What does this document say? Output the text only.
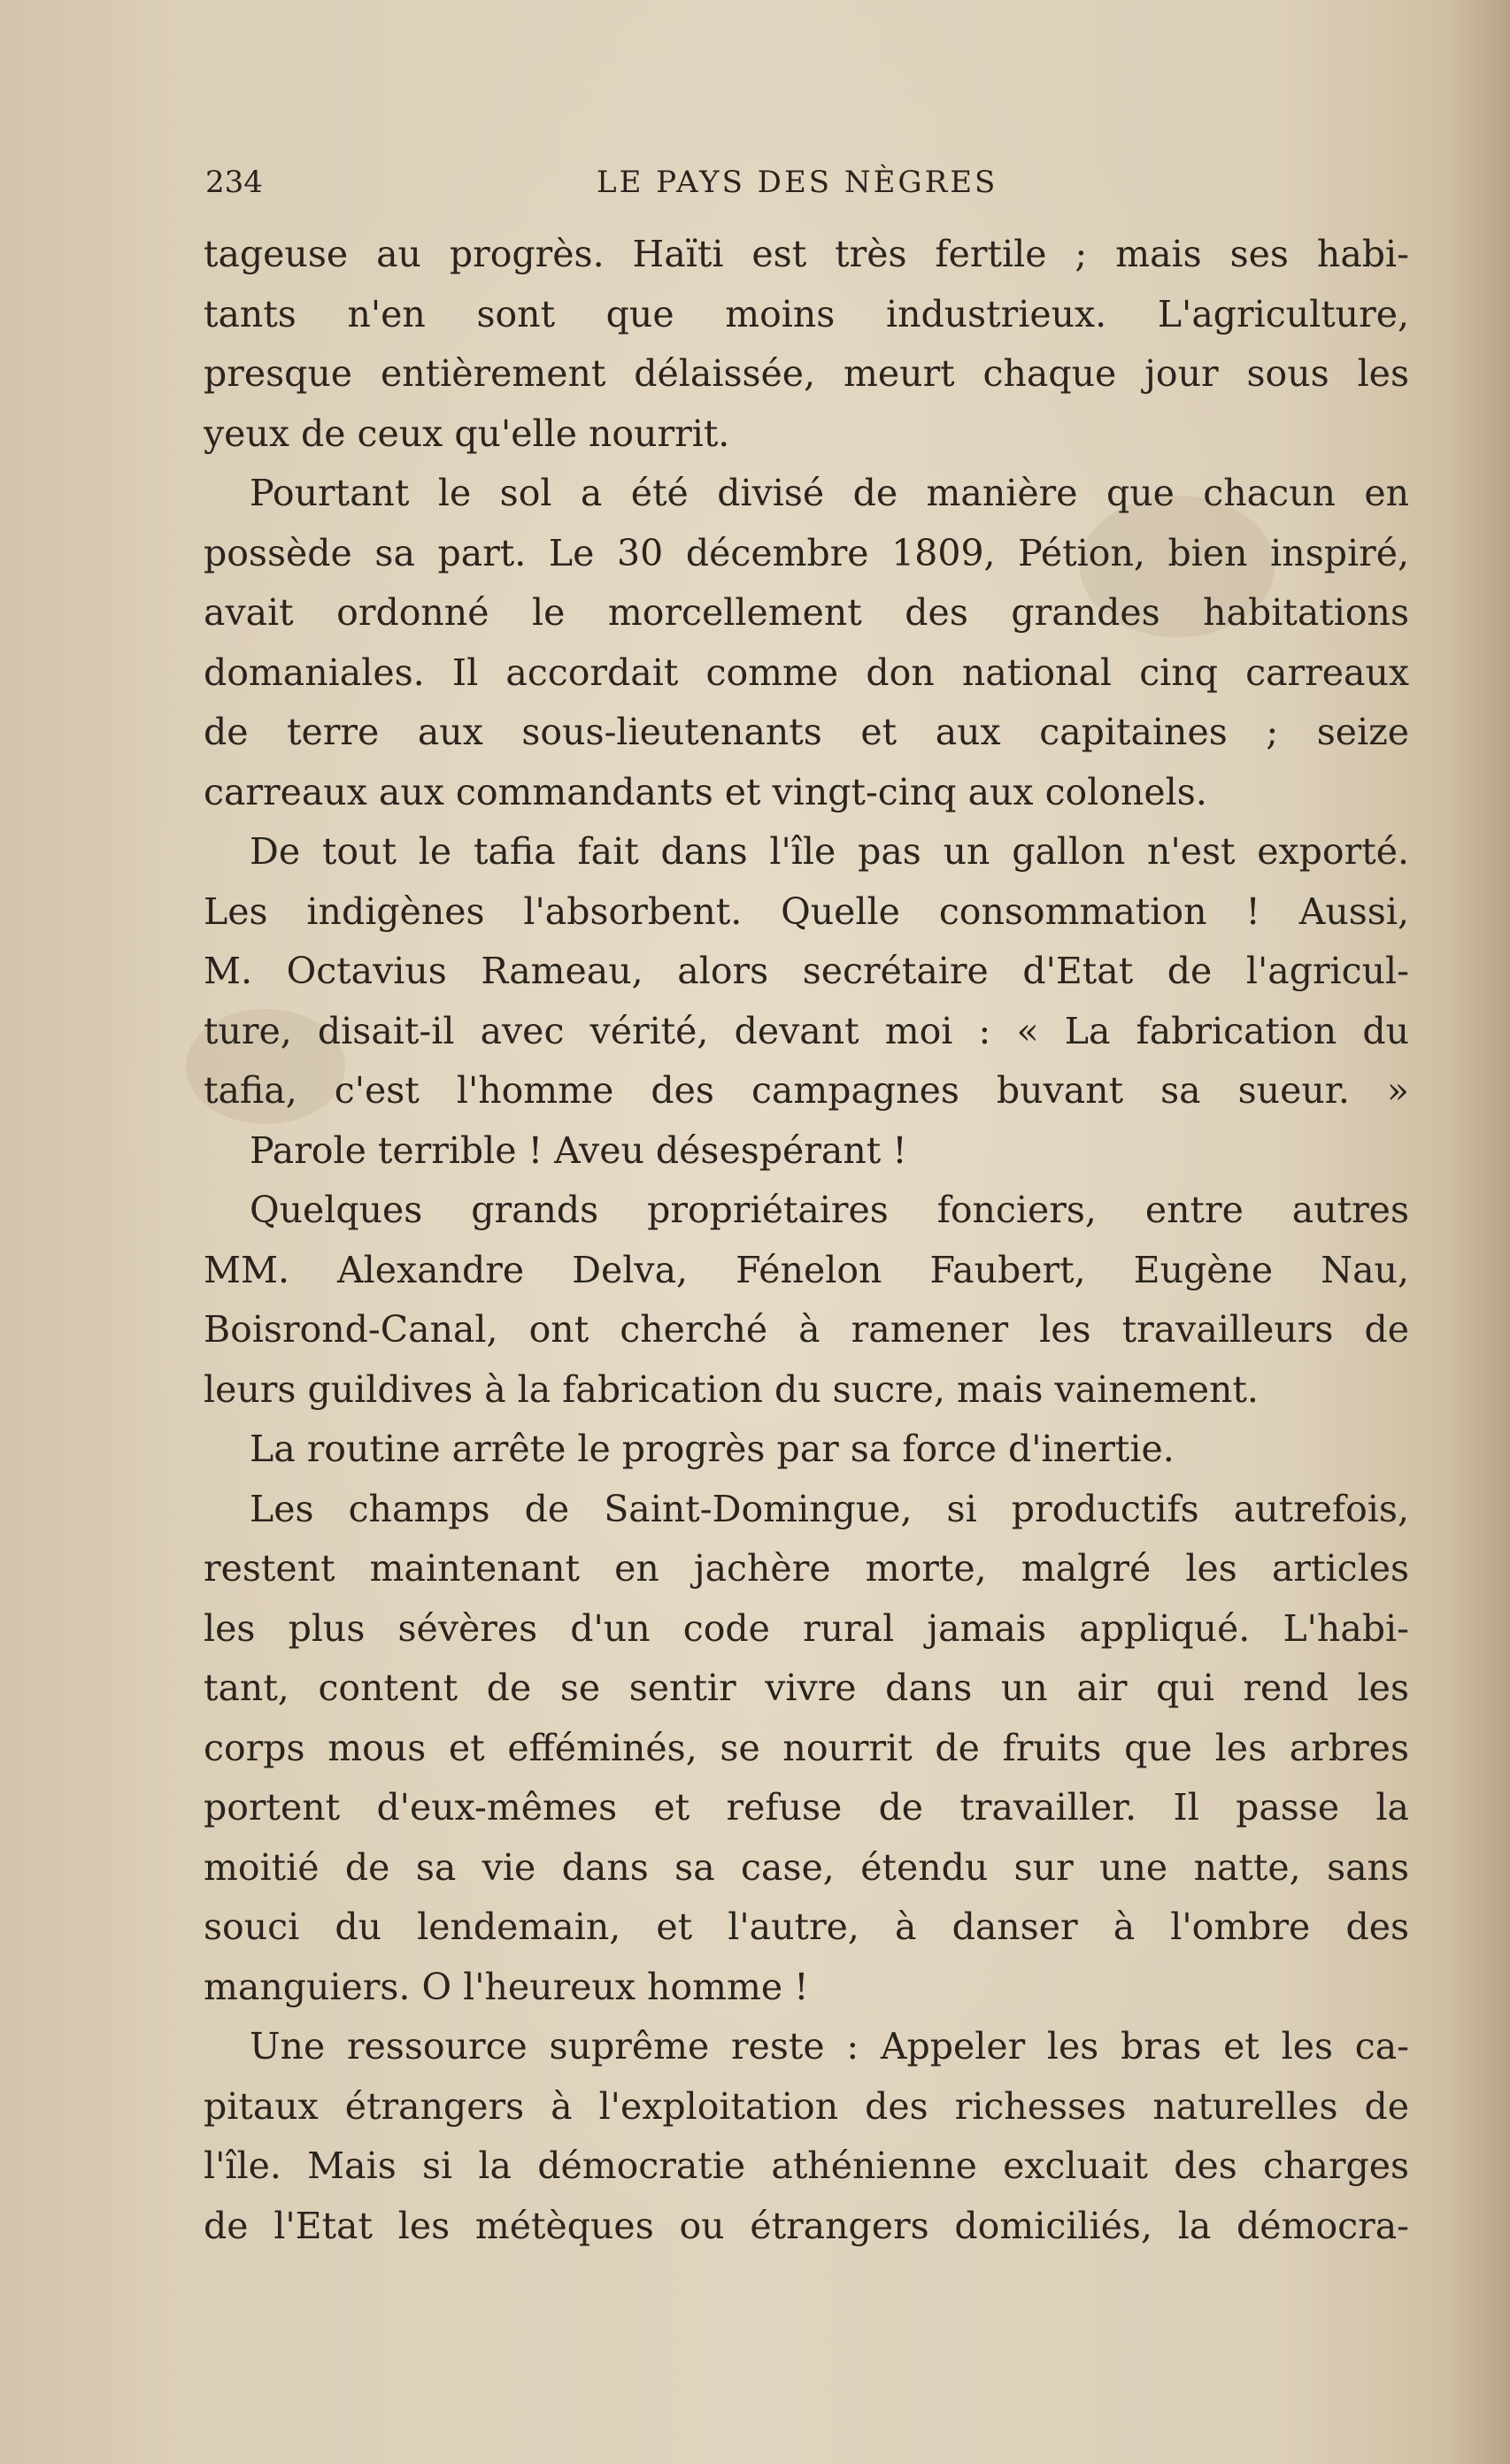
234	LE PAYS DES NÈGRES
tageuse au progrès. Haïti est très fertile ; mais ses habi-
tants n'en sont que moins industrieux. L'agriculture,
presque entièrement délaissée, meurt chaque jour sous les
yeux de ceux qu'elle nourrit.
Pourtant le sol a été divisé de manière que chacun en
possède sa part. Le 30 décembre 1809, Pétion, bien inspiré,
avait ordonné le morcellement des grandes habitations
domaniales. Il accordait comme don national cinq carreaux
de terre aux sous-lieutenants et aux capitaines ; seize
carreaux aux commandants et vingt-cinq aux colonels.
De tout le tafia fait dans l'île pas un gallon n'est exporté.
Les indigènes l'absorbent. Quelle consommation ! Aussi,
M. Octavius Rameau, alors secrétaire d'Etat de l'agricul-
ture, disait-il avec vérité, devant moi : « La fabrication du
tafia, c'est l'homme des campagnes buvant sa sueur. »
Parole terrible ! Aveu désespérant !
Quelques grands propriétaires fonciers, entre autres
MM. Alexandre Delva, Fénelon Faubert, Eugène Nau,
Boisrond-Canal, ont cherché à ramener les travailleurs de
leurs guildives à la fabrication du sucre, mais vainement.
La routine arrête le progrès par sa force d'inertie.
Les champs de Saint-Domingue, si productifs autrefois,
restent maintenant en jachère morte, malgré les articles
les plus sévères d'un code rural jamais appliqué. L'habi-
tant, content de se sentir vivre dans un air qui rend les
corps mous et efféminés, se nourrit de fruits que les arbres
portent d'eux-mêmes et refuse de travailler. Il passe la
moitié de sa vie dans sa case, étendu sur une natte, sans
souci du lendemain, et l'autre, à danser à l'ombre des
manguiers. O l'heureux homme !
Une ressource suprême reste : Appeler les bras et les ca-
pitaux étrangers à l'exploitation des richesses naturelles de
l'île. Mais si la démocratie athénienne excluait des charges
de l'Etat les métèques ou étrangers domiciliés, la démocra-
